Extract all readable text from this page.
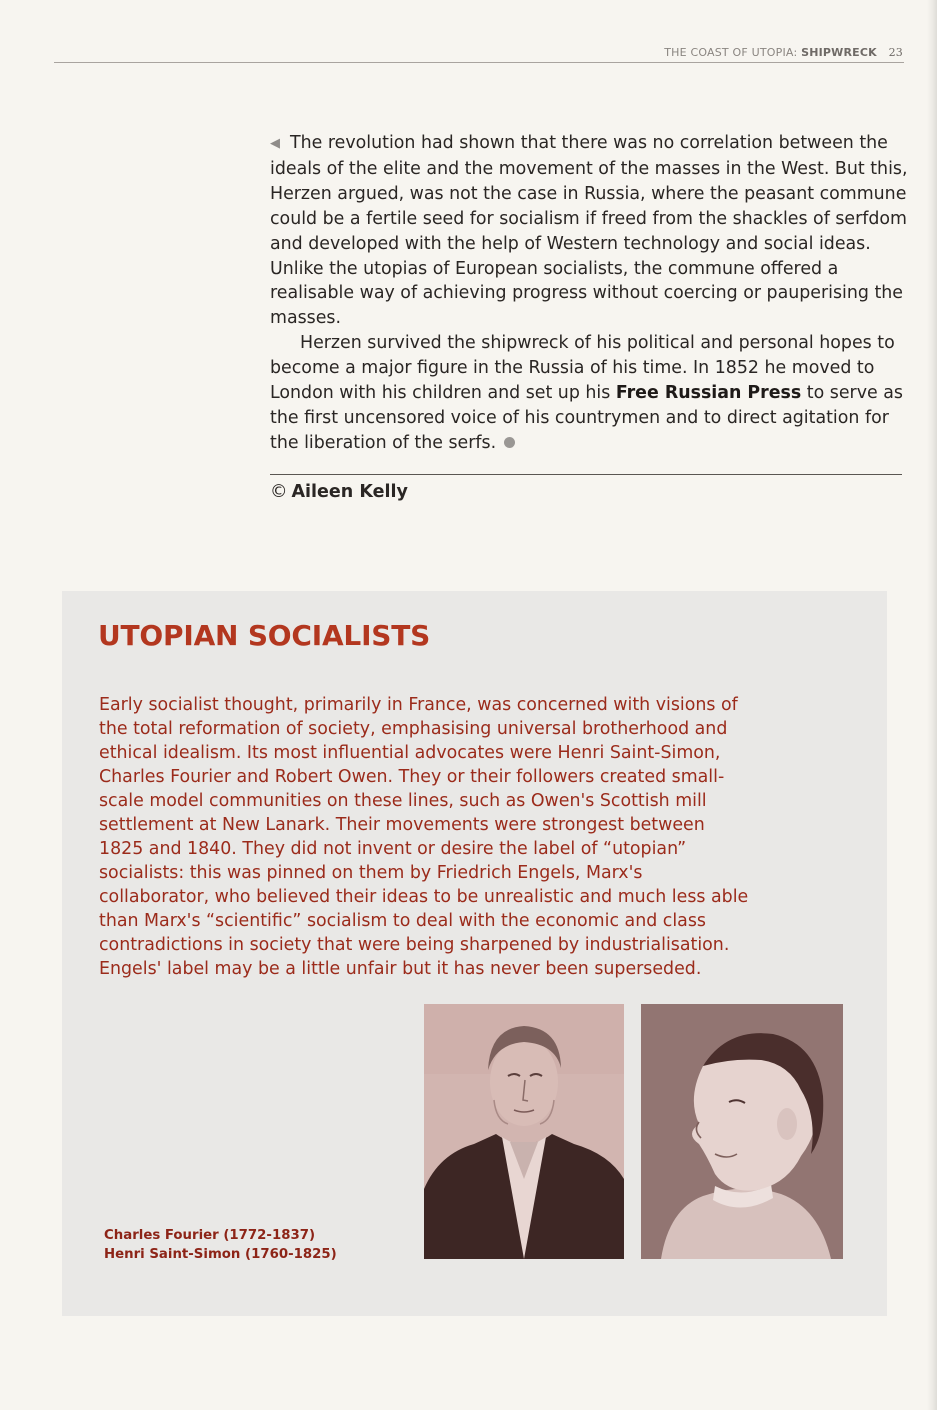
THE COAST OF UTOPIA: SHIPWRECK 23

◀ The revolution had shown that there was no correlation between the ideals of the elite and the movement of the masses in the West. But this, Herzen argued, was not the case in Russia, where the peasant commune could be a fertile seed for socialism if freed from the shackles of serfdom and developed with the help of Western technology and social ideas. Unlike the utopias of European socialists, the commune offered a realisable way of achieving progress without coercing or pauperising the masses.

Herzen survived the shipwreck of his political and personal hopes to become a major figure in the Russia of his time. In 1852 he moved to London with his children and set up his Free Russian Press to serve as the first uncensored voice of his countrymen and to direct agitation for the liberation of the serfs.

© Aileen Kelly
UTOPIAN SOCIALISTS

Early socialist thought, primarily in France, was concerned with visions of the total reformation of society, emphasising universal brotherhood and ethical idealism. Its most influential advocates were Henri Saint-Simon, Charles Fourier and Robert Owen. They or their followers created small-scale model communities on these lines, such as Owen's Scottish mill settlement at New Lanark. Their movements were strongest between 1825 and 1840. They did not invent or desire the label of “utopian” socialists: this was pinned on them by Friedrich Engels, Marx's collaborator, who believed their ideas to be unrealistic and much less able than Marx's “scientific” socialism to deal with the economic and class contradictions in society that were being sharpened by industrialisation. Engels' label may be a little unfair but it has never been superseded.

Charles Fourier (1772-1837)
Henri Saint-Simon (1760-1825)
